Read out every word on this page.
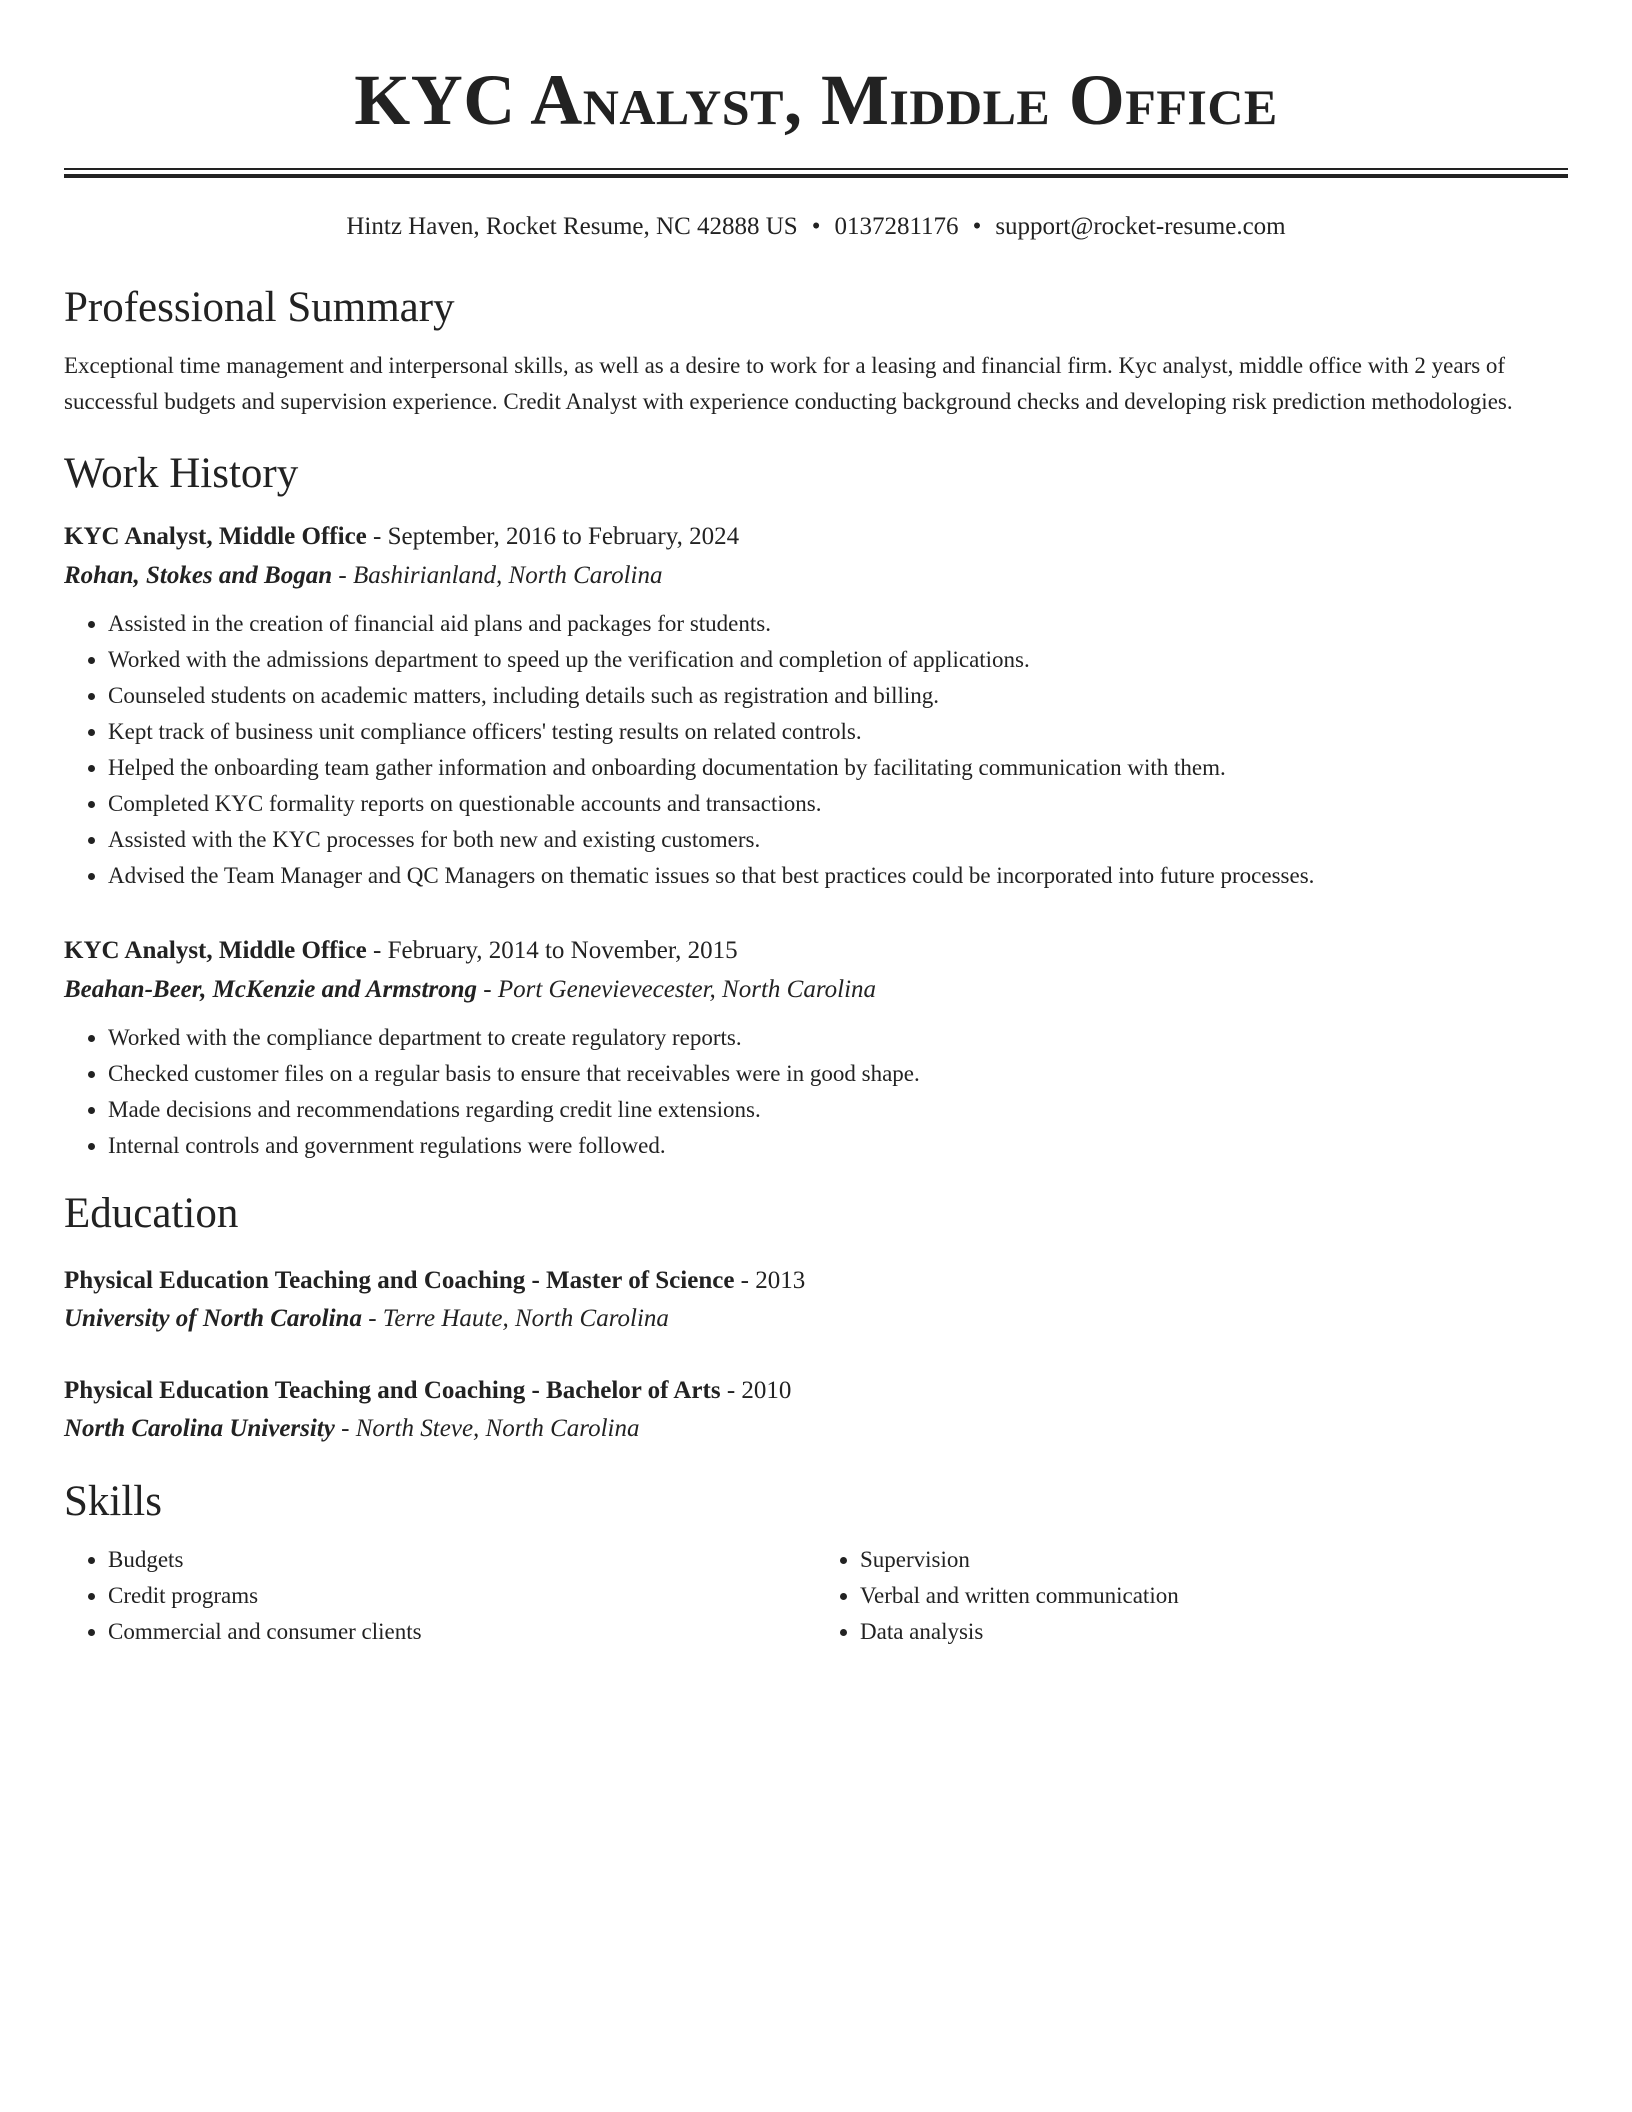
KYC Analyst, Middle Office
Hintz Haven, Rocket Resume, NC 42888 US • 0137281176 • support@rocket-resume.com
Professional Summary
Exceptional time management and interpersonal skills, as well as a desire to work for a leasing and financial firm. Kyc analyst, middle office with 2 years of successful budgets and supervision experience. Credit Analyst with experience conducting background checks and developing risk prediction methodologies.
Work History
KYC Analyst, Middle Office - September, 2016 to February, 2024
Rohan, Stokes and Bogan - Bashirianland, North Carolina
• Assisted in the creation of financial aid plans and packages for students.
• Worked with the admissions department to speed up the verification and completion of applications.
• Counseled students on academic matters, including details such as registration and billing.
• Kept track of business unit compliance officers' testing results on related controls.
• Helped the onboarding team gather information and onboarding documentation by facilitating communication with them.
• Completed KYC formality reports on questionable accounts and transactions.
• Assisted with the KYC processes for both new and existing customers.
• Advised the Team Manager and QC Managers on thematic issues so that best practices could be incorporated into future processes.
KYC Analyst, Middle Office - February, 2014 to November, 2015
Beahan-Beer, McKenzie and Armstrong - Port Genevievecester, North Carolina
• Worked with the compliance department to create regulatory reports.
• Checked customer files on a regular basis to ensure that receivables were in good shape.
• Made decisions and recommendations regarding credit line extensions.
• Internal controls and government regulations were followed.
Education
Physical Education Teaching and Coaching - Master of Science - 2013
University of North Carolina - Terre Haute, North Carolina
Physical Education Teaching and Coaching - Bachelor of Arts - 2010
North Carolina University - North Steve, North Carolina
Skills
• Budgets
• Credit programs
• Commercial and consumer clients
• Supervision
• Verbal and written communication
• Data analysis
